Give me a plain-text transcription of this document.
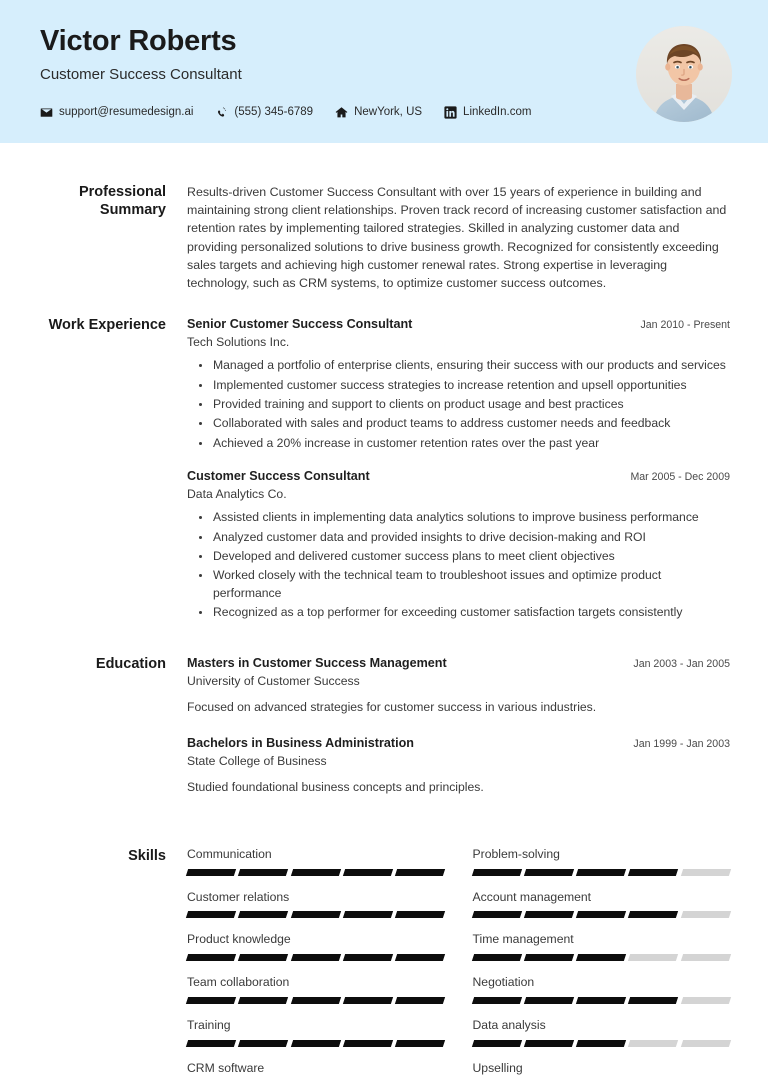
Victor Roberts
Customer Success Consultant
support@resumedesign.ai	(555) 345-6789	NewYork, US	LinkedIn.com
Professional Summary

Results-driven Customer Success Consultant with over 15 years of experience in building and maintaining strong client relationships. Proven track record of increasing customer satisfaction and retention rates by implementing tailored strategies. Skilled in analyzing customer data and providing personalized solutions to drive business growth. Recognized for consistently exceeding sales targets and achieving high customer renewal rates. Strong expertise in leveraging technology, such as CRM systems, to optimize customer success outcomes.

Work Experience Senior Customer Success Consultant	Jan 2010 - Present
Tech Solutions Inc.
Managed a portfolio of enterprise clients, ensuring their success with our products and services
Implemented customer success strategies to increase retention and upsell opportunities
Provided training and support to clients on product usage and best practices
Collaborated with sales and product teams to address customer needs and feedback
Achieved a 20% increase in customer retention rates over the past year
Customer Success Consultant	Mar 2005 - Dec 2009
Data Analytics Co.
Assisted clients in implementing data analytics solutions to improve business performance
Analyzed customer data and provided insights to drive decision-making and ROI
Developed and delivered customer success plans to meet client objectives
Worked closely with the technical team to troubleshoot issues and optimize product performance
Recognized as a top performer for exceeding customer satisfaction targets consistently
Education Masters in Customer Success Management	Jan 2003 - Jan 2005
University of Customer Success
Focused on advanced strategies for customer success in various industries.
Bachelors in Business Administration	Jan 1999 - Jan 2003
State College of Business
Studied foundational business concepts and principles.
Skills Communication	Problem-solving
Customer relations	Account management
Product knowledge	Time management
Team collaboration	Negotiation
Training	Data analysis
CRM software	Upselling
